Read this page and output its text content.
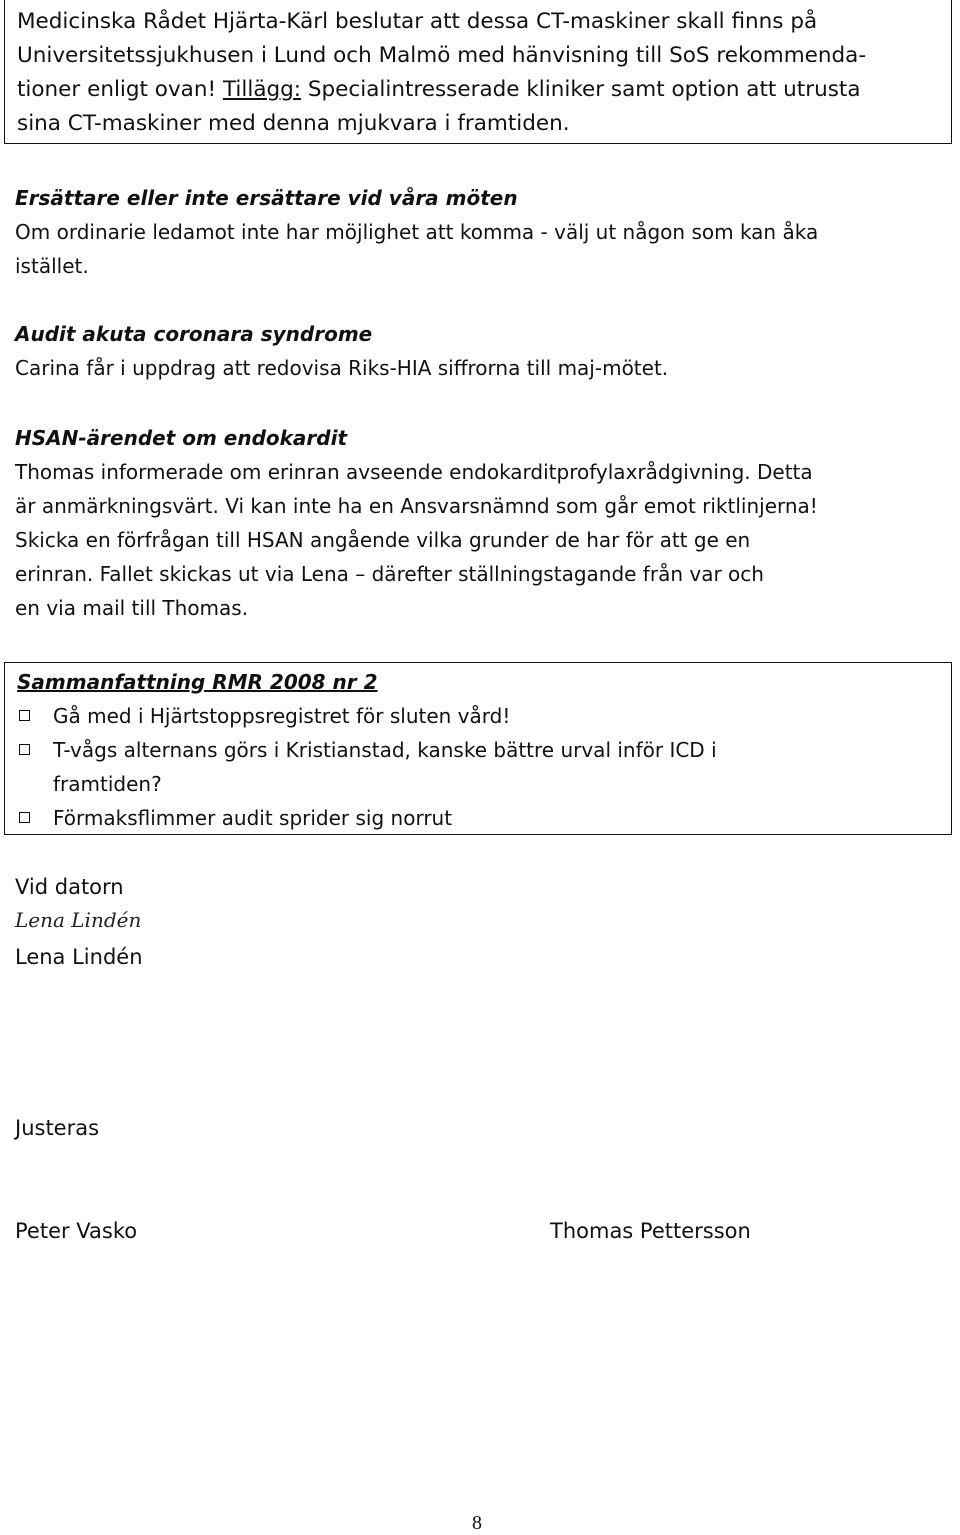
Medicinska Rådet Hjärta-Kärl beslutar att dessa CT-maskiner skall finns på

Universitetssjukhusen i Lund och Malmö med hänvisning till SoS rekommenda-

tioner enligt ovan! Tillägg: Specialintresserade kliniker samt option att utrusta

sina CT-maskiner med denna mjukvara i framtiden.

Ersättare eller inte ersättare vid våra möten

Om ordinarie ledamot inte har möjlighet att komma - välj ut någon som kan åka

istället.

Audit akuta coronara syndrome

Carina får i uppdrag att redovisa Riks-HIA siffrorna till maj-mötet.

HSAN-ärendet om endokardit

Thomas informerade om erinran avseende endokarditprofylaxrådgivning. Detta

är anmärkningsvärt. Vi kan inte ha en Ansvarsnämnd som går emot riktlinjerna!

Skicka en förfrågan till HSAN angående vilka grunder de har för att ge en

erinran. Fallet skickas ut via Lena – därefter ställningstagande från var och

en via mail till Thomas.

Sammanfattning RMR 2008 nr 2
Gå med i Hjärtstoppsregistret för sluten vård!
T-vågs alternans görs i Kristianstad, kanske bättre urval inför ICD i
framtiden?
Förmaksflimmer audit sprider sig norrut
Vid datorn
Lena Lindén
Lena Lindén
Justeras
Peter Vasko	Thomas Pettersson
8
